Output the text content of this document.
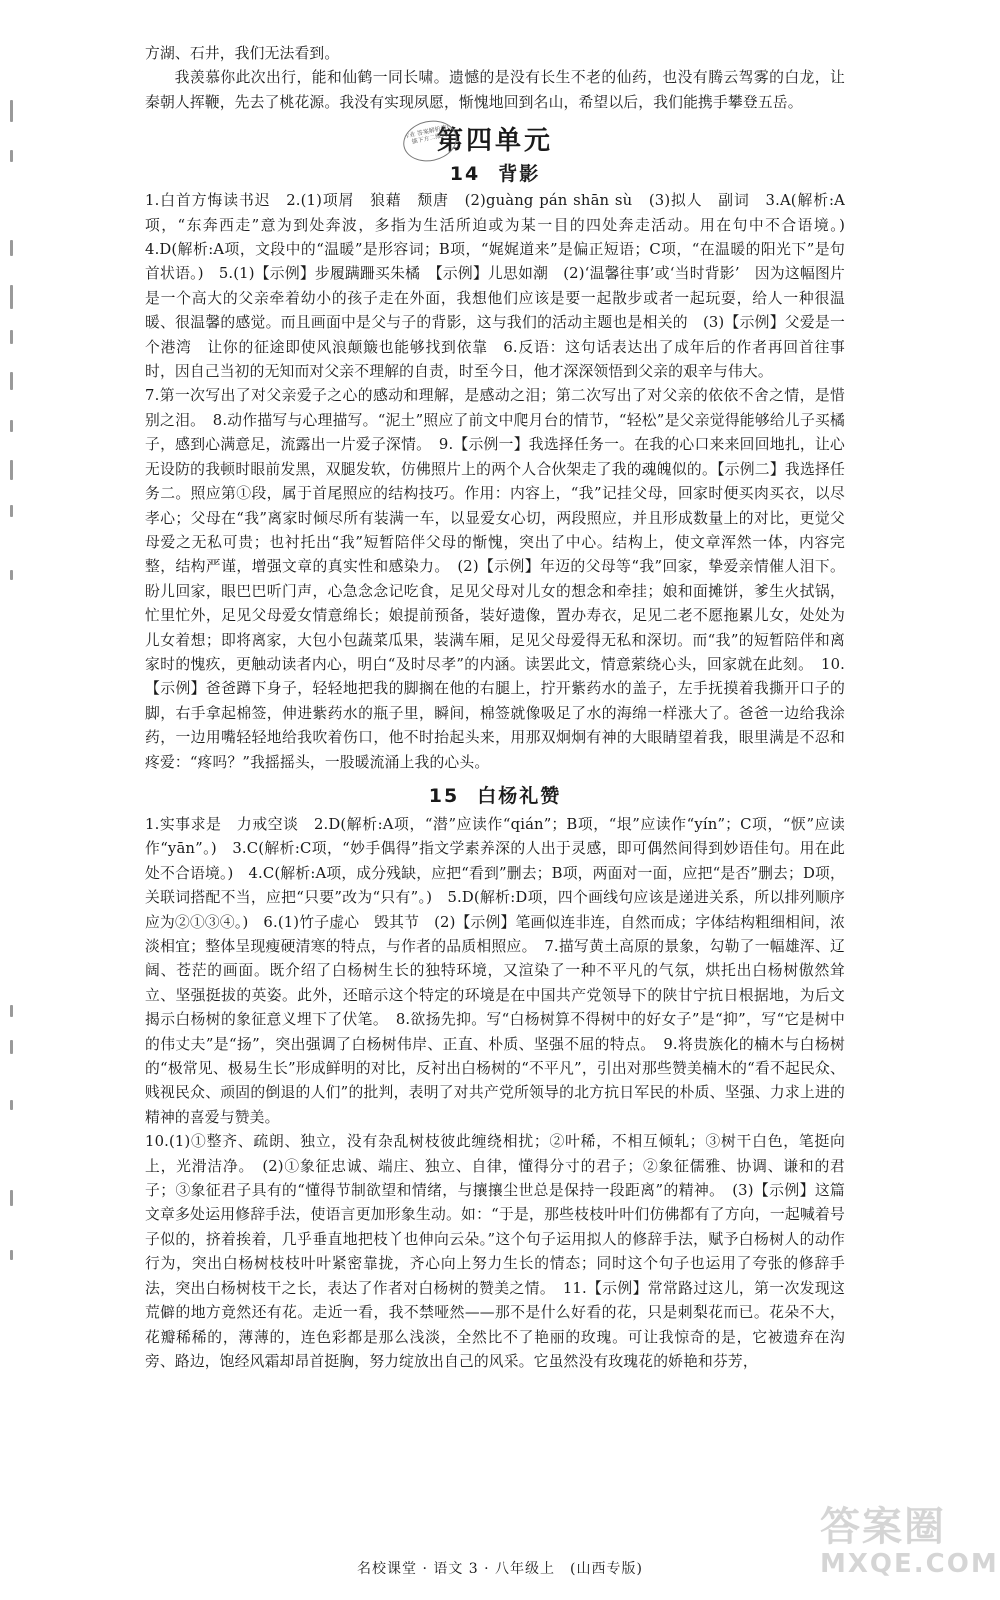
方湖、石井，我们无法看到。

我羡慕你此次出行，能和仙鹤一同长啸。遗憾的是没有长生不老的仙药，也没有腾云驾雾的白龙，让秦朝人挥鞭，先去了桃花源。我没有实现夙愿，惭愧地回到名山，希望以后，我们能携手攀登五岳。

作业 答案解析请扫描下方二维码
第四单元
14 背影

1.白首方悔读书迟　2.(1)项屑　狼藉　颓唐　(2)guàng pán shān sù　(3)拟人　副词　3.A(解析:A项，“东奔西走”意为到处奔波，多指为生活所迫或为某一目的四处奔走活动。用在句中不合语境。)　4.D(解析:A项，文段中的“温暖”是形容词；B项，“娓娓道来”是偏正短语；C项，“在温暖的阳光下”是句首状语。)　5.(1)【示例】步履蹒跚买朱橘　【示例】儿思如潮　(2)‘温馨往事’或‘当时背影’　因为这幅图片是一个高大的父亲牵着幼小的孩子走在外面，我想他们应该是要一起散步或者一起玩耍，给人一种很温暖、很温馨的感觉。而且画面中是父与子的背影，这与我们的活动主题也是相关的　(3)【示例】父爱是一个港湾　让你的征途即使风浪颠簸也能够找到依靠　6.反语：这句话表达出了成年后的作者再回首往事时，因自己当初的无知而对父亲不理解的自责，时至今日，他才深深领悟到父亲的艰辛与伟大。

7.第一次写出了对父亲爱子之心的感动和理解，是感动之泪；第二次写出了对父亲的依依不舍之情，是惜别之泪。　8.动作描写与心理描写。“泥土”照应了前文中爬月台的情节，“轻松”是父亲觉得能够给儿子买橘子，感到心满意足，流露出一片爱子深情。　9.【示例一】我选择任务一。在我的心口来来回回地扎，让心无设防的我顿时眼前发黑，双腿发软，仿佛照片上的两个人合伙架走了我的魂魄似的。【示例二】我选择任务二。照应第①段，属于首尾照应的结构技巧。作用：内容上，“我”记挂父母，回家时便买肉买衣，以尽孝心；父母在“我”离家时倾尽所有装满一车，以显爱女心切，两段照应，并且形成数量上的对比，更觉父母爱之无私可贵；也衬托出“我”短暂陪伴父母的惭愧，突出了中心。结构上，使文章浑然一体，内容完整，结构严谨，增强文章的真实性和感染力。　(2)【示例】年迈的父母等“我”回家，挚爱亲情催人泪下。盼儿回家，眼巴巴听门声，心急念念记吃食，足见父母对儿女的想念和牵挂；娘和面摊饼，爹生火拭锅，忙里忙外，足见父母爱女情意绵长；娘提前预备，装好遗像，置办寿衣，足见二老不愿拖累儿女，处处为儿女着想；即将离家，大包小包蔬菜瓜果，装满车厢，足见父母爱得无私和深切。而“我”的短暂陪伴和离家时的愧疚，更触动读者内心，明白“及时尽孝”的内涵。读罢此文，情意萦绕心头，回家就在此刻。　10.【示例】爸爸蹲下身子，轻轻地把我的脚搁在他的右腿上，拧开紫药水的盖子，左手抚摸着我撕开口子的脚，右手拿起棉签，伸进紫药水的瓶子里，瞬间，棉签就像吸足了水的海绵一样涨大了。爸爸一边给我涂药，一边用嘴轻轻地给我吹着伤口，他不时抬起头来，用那双炯炯有神的大眼睛望着我，眼里满是不忍和疼爱：“疼吗？”我摇摇头，一股暖流涌上我的心头。

15 白杨礼赞

1.实事求是　力戒空谈　2.D(解析:A项，“潜”应读作“qián”；B项，“垠”应读作“yín”；C项，“恹”应读作“yān”。)　3.C(解析:C项，“妙手偶得”指文学素养深的人出于灵感，即可偶然间得到妙语佳句。用在此处不合语境。)　4.C(解析:A项，成分残缺，应把“看到”删去；B项，两面对一面，应把“是否”删去；D项，关联词搭配不当，应把“只要”改为“只有”。)　5.D(解析:D项，四个画线句应该是递进关系，所以排列顺序应为②①③④。)　6.(1)竹子虚心　毁其节　(2)【示例】笔画似连非连，自然而成；字体结构粗细相间，浓淡相宜；整体呈现瘦硬清寒的特点，与作者的品质相照应。　7.描写黄土高原的景象，勾勒了一幅雄浑、辽阔、苍茫的画面。既介绍了白杨树生长的独特环境，又渲染了一种不平凡的气氛，烘托出白杨树傲然耸立、坚强挺拔的英姿。此外，还暗示这个特定的环境是在中国共产党领导下的陕甘宁抗日根据地，为后文揭示白杨树的象征意义埋下了伏笔。　8.欲扬先抑。写“白杨树算不得树中的好女子”是“抑”，写“它是树中的伟丈夫”是“扬”，突出强调了白杨树伟岸、正直、朴质、坚强不屈的特点。　9.将贵族化的楠木与白杨树的“极常见、极易生长”形成鲜明的对比，反衬出白杨树的“不平凡”，引出对那些赞美楠木的“看不起民众、贱视民众、顽固的倒退的人们”的批判，表明了对共产党所领导的北方抗日军民的朴质、坚强、力求上进的精神的喜爱与赞美。

10.(1)①整齐、疏朗、独立，没有杂乱树枝彼此缠绕相扰；②叶稀，不相互倾轧；③树干白色，笔挺向上，光滑洁净。　(2)①象征忠诚、端庄、独立、自律，懂得分寸的君子；②象征儒雅、协调、谦和的君子；③象征君子具有的“懂得节制欲望和情绪，与攘攘尘世总是保持一段距离”的精神。　(3)【示例】这篇文章多处运用修辞手法，使语言更加形象生动。如：“于是，那些枝枝叶叶们仿佛都有了方向，一起喊着号子似的，挤着挨着，几乎垂直地把枝丫也伸向云朵。”这个句子运用拟人的修辞手法，赋予白杨树人的动作行为，突出白杨树枝枝叶叶紧密靠拢，齐心向上努力生长的情态；同时这个句子也运用了夸张的修辞手法，突出白杨树枝干之长，表达了作者对白杨树的赞美之情。　11.【示例】常常路过这儿，第一次发现这荒僻的地方竟然还有花。走近一看，我不禁哑然——那不是什么好看的花，只是刺梨花而已。花朵不大，花瓣稀稀的，薄薄的，连色彩都是那么浅淡，全然比不了艳丽的玫瑰。可让我惊奇的是，它被遗弃在沟旁、路边，饱经风霜却昂首挺胸，努力绽放出自己的风采。它虽然没有玫瑰花的娇艳和芬芳，

名校课堂 · 语文 3 · 八年级上　(山西专版)
答案圈
MXQE.COM
